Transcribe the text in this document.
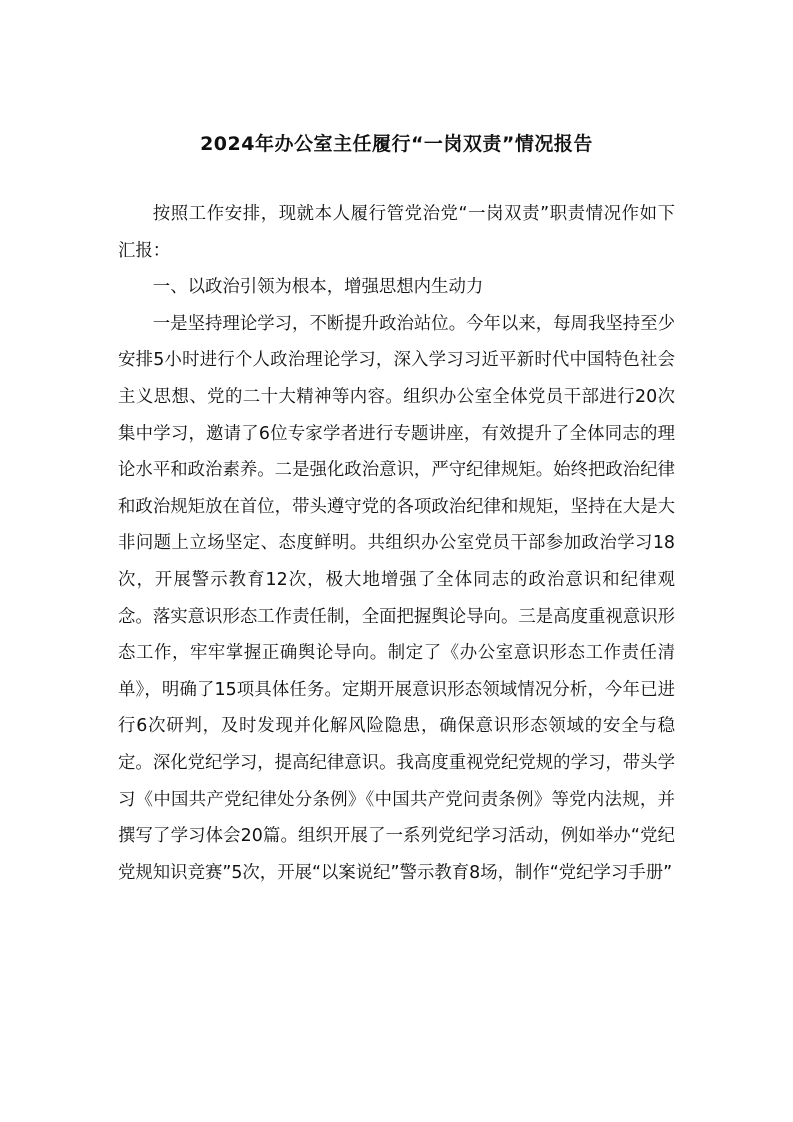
2024年办公室主任履行“一岗双责”情况报告

按照工作安排，现就本人履行管党治党“一岗双责”职责情况作如下汇报：

一、以政治引领为根本，增强思想内生动力

一是坚持理论学习，不断提升政治站位。今年以来，每周我坚持至少安排5小时进行个人政治理论学习，深入学习习近平新时代中国特色社会主义思想、党的二十大精神等内容。组织办公室全体党员干部进行20次集中学习，邀请了6位专家学者进行专题讲座，有效提升了全体同志的理论水平和政治素养。二是强化政治意识，严守纪律规矩。始终把政治纪律和政治规矩放在首位，带头遵守党的各项政治纪律和规矩，坚持在大是大非问题上立场坚定、态度鲜明。共组织办公室党员干部参加政治学习18次，开展警示教育12次，极大地增强了全体同志的政治意识和纪律观念。落实意识形态工作责任制，全面把握舆论导向。三是高度重视意识形态工作，牢牢掌握正确舆论导向。制定了《办公室意识形态工作责任清单》，明确了15项具体任务。定期开展意识形态领域情况分析，今年已进行6次研判，及时发现并化解风险隐患，确保意识形态领域的安全与稳定。深化党纪学习，提高纪律意识。我高度重视党纪党规的学习，带头学习《中国共产党纪律处分条例》《中国共产党问责条例》等党内法规，并撰写了学习体会20篇。组织开展了一系列党纪学习活动，例如举办“党纪党规知识竞赛”5次，开展“以案说纪”警示教育8场，制作“党纪学习手册”
